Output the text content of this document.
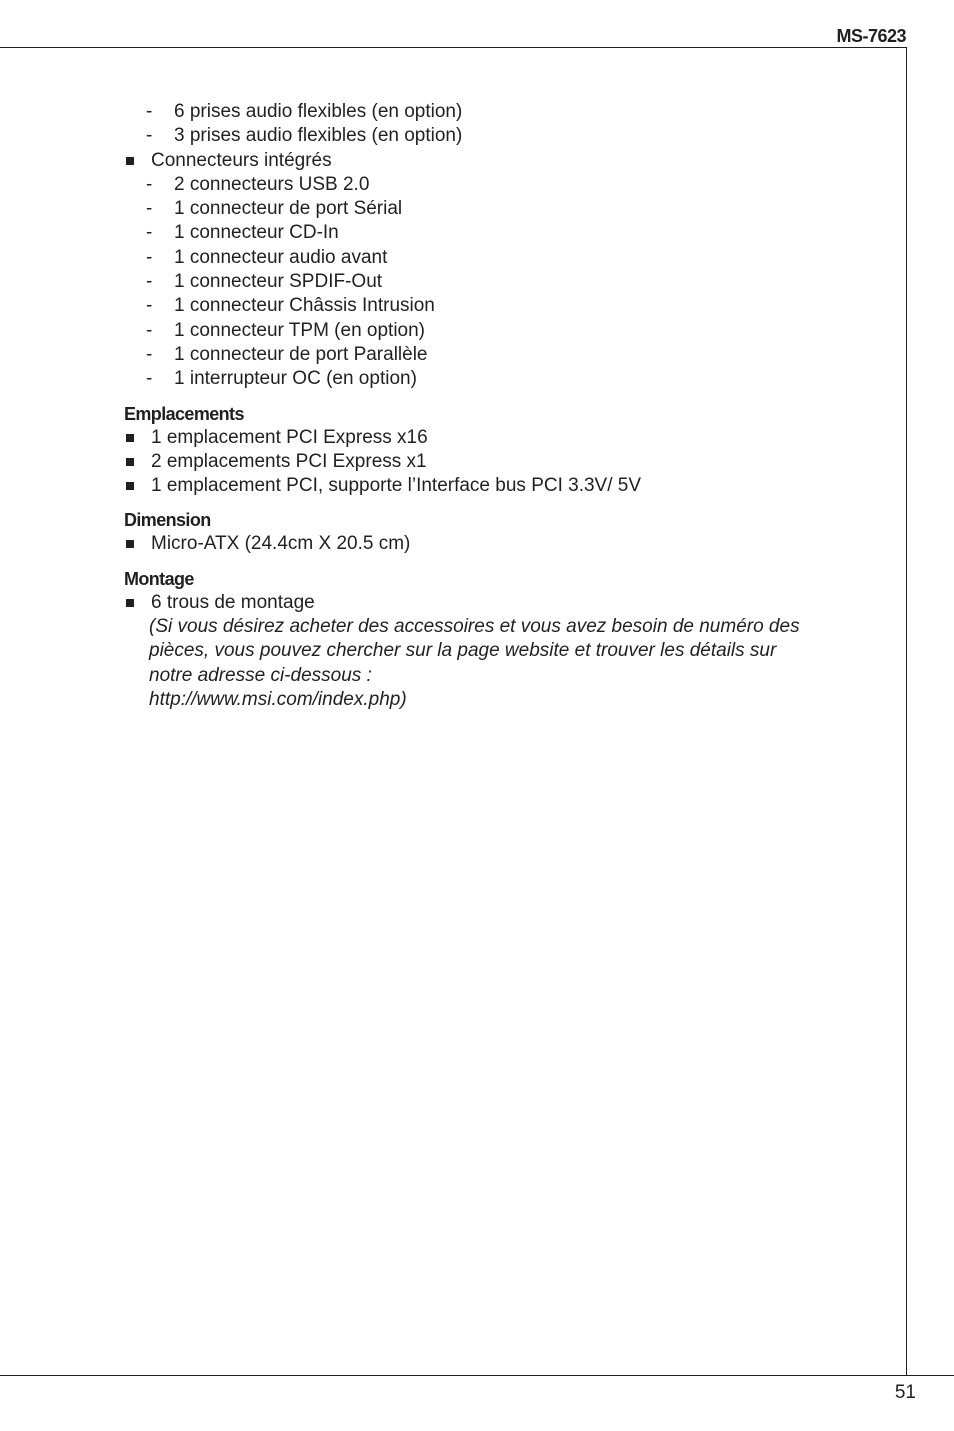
MS-7623
- 6 prises audio flexibles (en option)
- 3 prises audio flexibles (en option)
Connecteurs intégrés
- 2 connecteurs USB 2.0
- 1 connecteur de port Sérial
- 1 connecteur CD-In
- 1 connecteur audio avant
- 1 connecteur SPDIF-Out
- 1 connecteur Châssis Intrusion
- 1 connecteur TPM (en option)
- 1 connecteur de port Parallèle
- 1 interrupteur OC (en option)
Emplacements
1 emplacement PCI Express x16
2 emplacements PCI Express x1
1 emplacement PCI, supporte l’Interface bus PCI 3.3V/ 5V
Dimension
Micro-ATX (24.4cm X 20.5 cm)
Montage
6 trous de montage
(Si vous désirez acheter des accessoires et vous avez besoin de numéro des
pièces, vous pouvez chercher sur la page website et trouver les détails sur
notre adresse ci-dessous :
http://www.msi.com/index.php)
51
